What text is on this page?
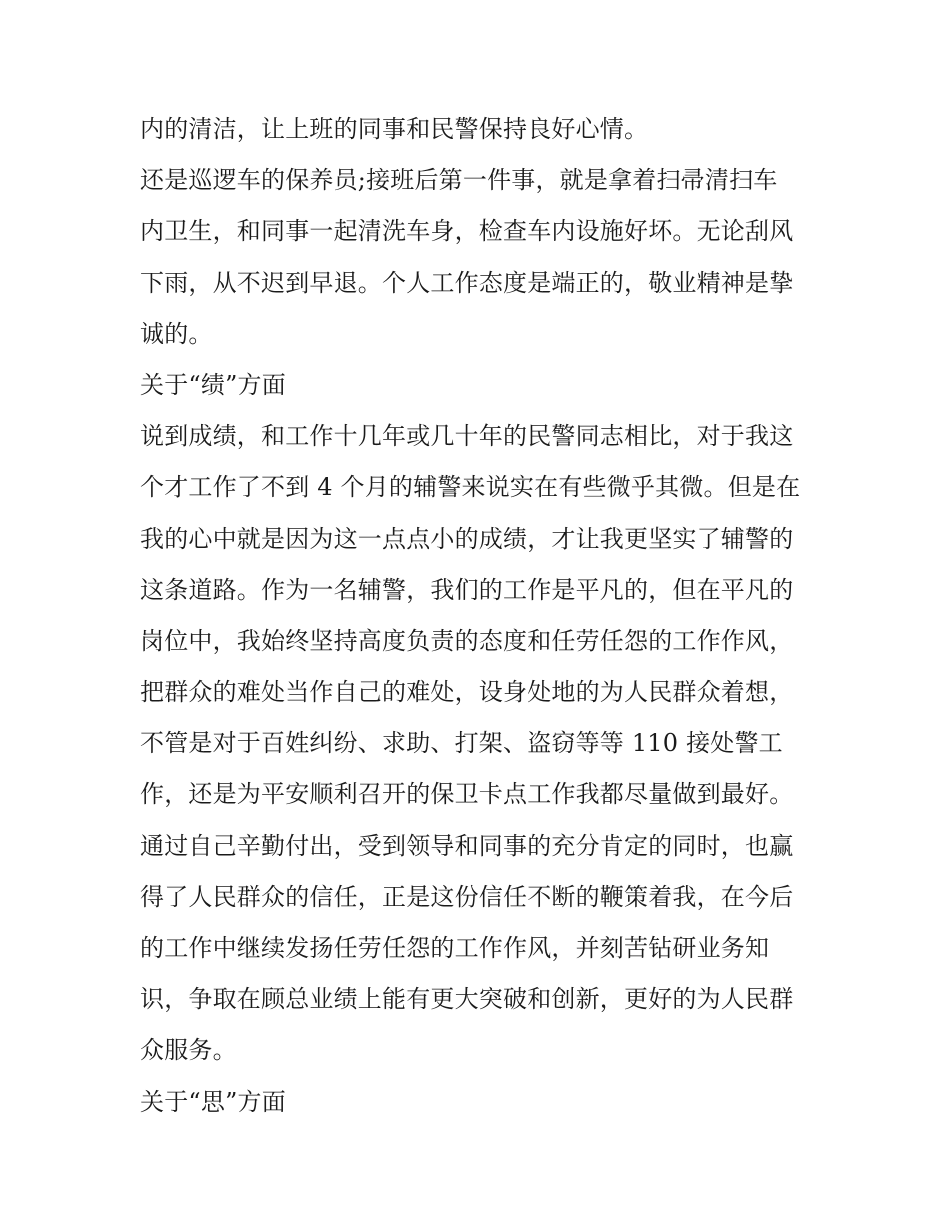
内的清洁，让上班的同事和民警保持良好心情。
还是巡逻车的保养员;接班后第一件事，就是拿着扫帚清扫车
内卫生，和同事一起清洗车身，检查车内设施好坏。无论刮风
下雨，从不迟到早退。个人工作态度是端正的，敬业精神是挚
诚的。
关于“绩”方面
说到成绩，和工作十几年或几十年的民警同志相比，对于我这
个才工作了不到 4 个月的辅警来说实在有些微乎其微。但是在
我的心中就是因为这一点点小的成绩，才让我更坚实了辅警的
这条道路。作为一名辅警，我们的工作是平凡的，但在平凡的
岗位中，我始终坚持高度负责的态度和任劳任怨的工作作风，
把群众的难处当作自己的难处，设身处地的为人民群众着想，
不管是对于百姓纠纷、求助、打架、盗窃等等 110 接处警工
作，还是为平安顺利召开的保卫卡点工作我都尽量做到最好。
通过自己辛勤付出，受到领导和同事的充分肯定的同时，也赢
得了人民群众的信任，正是这份信任不断的鞭策着我，在今后
的工作中继续发扬任劳任怨的工作作风，并刻苦钻研业务知
识，争取在顾总业绩上能有更大突破和创新，更好的为人民群
众服务。
关于“思”方面
